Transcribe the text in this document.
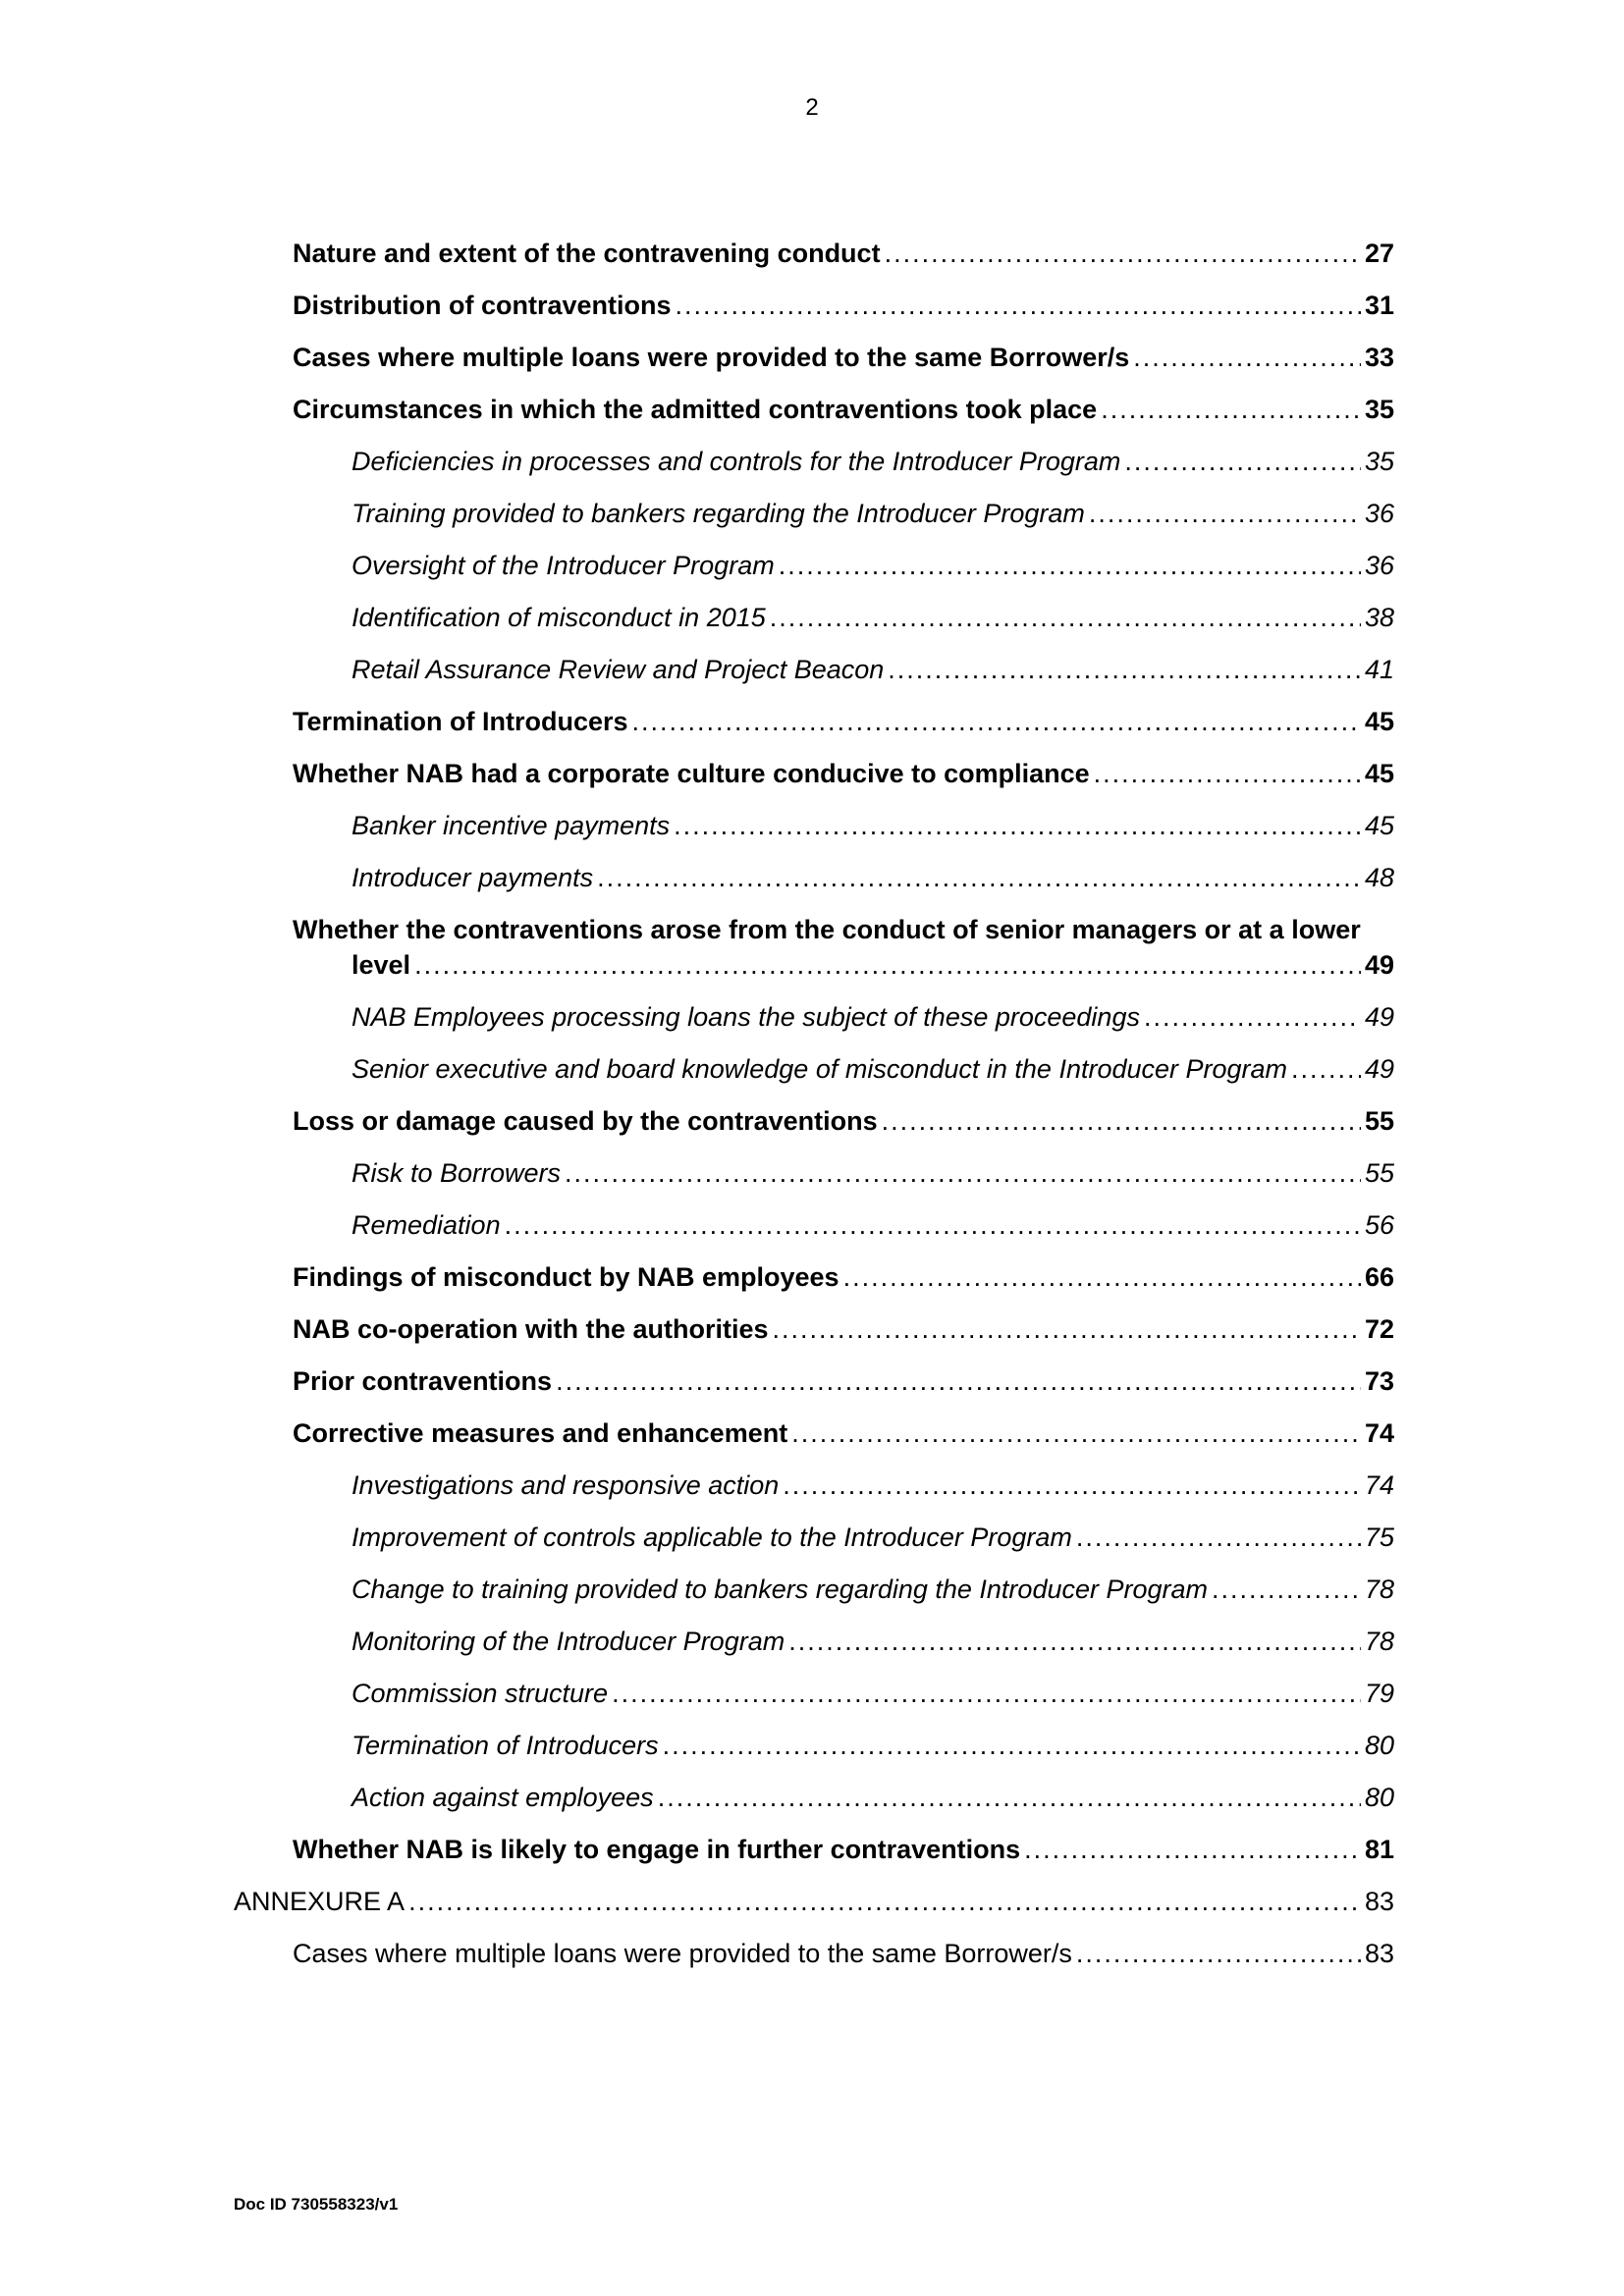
2
Nature and extent of the contravening conduct .....	27
Distribution of contraventions .....	31
Cases where multiple loans were provided to the same Borrower/s .....	33
Circumstances in which the admitted contraventions took place .....	35
Deficiencies in processes and controls for the Introducer Program .....	35
Training provided to bankers regarding the Introducer Program .....	36
Oversight of the Introducer Program .....	36
Identification of misconduct in 2015 .....	38
Retail Assurance Review and Project Beacon .....	41
Termination of Introducers .....	45
Whether NAB had a corporate culture conducive to compliance .....	45
Banker incentive payments .....	45
Introducer payments .....	48
Whether the contraventions arose from the conduct of senior managers or at a lower
level .....	49
NAB Employees processing loans the subject of these proceedings .....	49
Senior executive and board knowledge of misconduct in the Introducer Program .....	49
Loss or damage caused by the contraventions .....	55
Risk to Borrowers .....	55
Remediation .....	56
Findings of misconduct by NAB employees .....	66
NAB co-operation with the authorities .....	72
Prior contraventions .....	73
Corrective measures and enhancement .....	74
Investigations and responsive action .....	74
Improvement of controls applicable to the Introducer Program .....	75
Change to training provided to bankers regarding the Introducer Program .....	78
Monitoring of the Introducer Program .....	78
Commission structure .....	79
Termination of Introducers .....	80
Action against employees .....	80
Whether NAB is likely to engage in further contraventions .....	81
ANNEXURE A .....	83
Cases where multiple loans were provided to the same Borrower/s .....	83
Doc ID 730558323/v1
